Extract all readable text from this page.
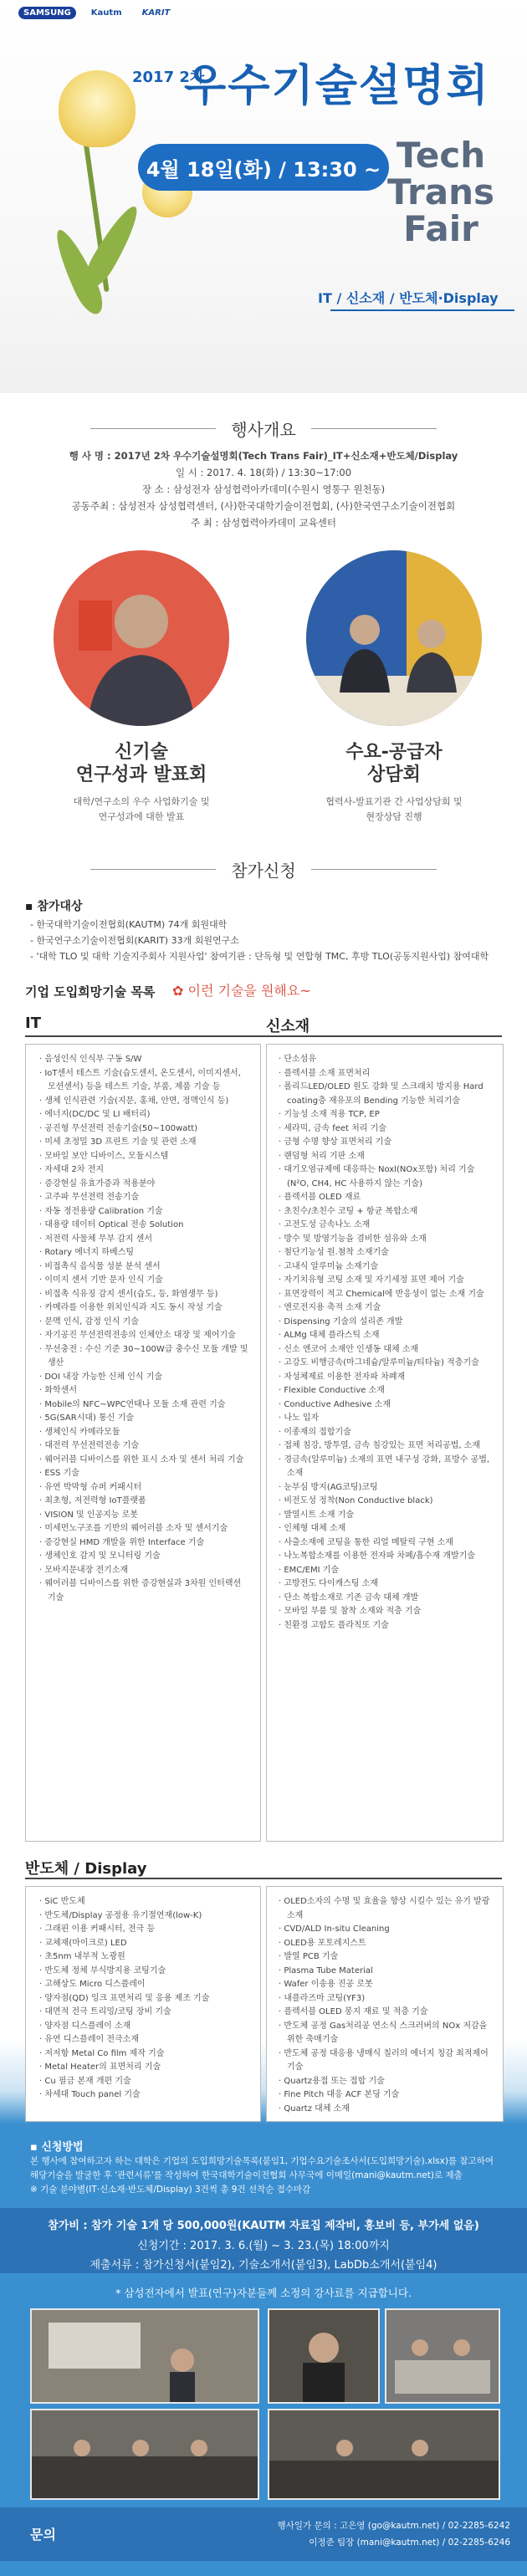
SAMSUNG	Kautm	KARIT
2017 2차
우수기술설명회
4월 18일(화) / 13:30 ~ Tech
Trans
Fair
IT / 신소재 / 반도체·Display
행사개요
행 사 명 : 2017년 2차 우수기술설명회(Tech Trans Fair)_IT+신소재+반도체/Display
일 시 : 2017. 4. 18(화) / 13:30~17:00
장 소 : 삼성전자 삼성협력아카데미(수원시 영통구 원천동)
공동주최 : 삼성전자 삼성협력센터, (사)한국대학기술이전협회, (사)한국연구소기술이전협회
주 최 : 삼성협력아카데미 교육센터
신기술
연구성과 발표회
대학/연구소의 우수 사업화기술 및
연구성과에 대한 발표
수요-공급자
상담회
협력사-발표기관 간 사업상담회 및
현장상담 진행
참가신청
▪ 참가대상
- 한국대학기술이전협회(KAUTM) 74개 회원대학
- 한국연구소기술이전협회(KARIT) 33개 회원연구소
- '대학 TLO 및 대학 기술지주회사 지원사업' 참여기관 : 단독형 및 연합형 TMC, 후방 TLO(공동지원사업) 참여대학
기업 도입희망기술 목록 ✿ 이런 기술을 원해요~
IT	신소재
· 음성인식 인식부 구동 S/W
· IoT센서 테스트 기술(습도센서, 온도센서, 이미지센서, 모션센서) 등을 테스트 기술, 부품, 제품 기술 등
· 생체 인식관련 기술(지문, 홍채, 안면, 정맥인식 등)
· 에너지(DC/DC 및 LI 배터리)
· 공진형 무선전력 전송기술(50~100watt)
· 미세 초정밀 3D 프린트 기술 및 관련 소재
· 모바일 보안 디바이스, 모듈시스템
· 자세대 2차 전지
· 증강현실 유효가증과 적용분야
· 고주파 무선전력 전송기술
· 자동 정전용량 Calibration 기술
· 대용량 데이터 Optical 전송 Solution
· 저전력 사물체 무부 감지 센서
· Rotary 에너지 하베스팅
· 비접촉식 음식물 성분 분석 센서
· 이미지 센서 기반 문자 인식 기술
· 비접촉 식유징 감지 센서(습도, 등, 화염생무 등)
· 카메라를 이용한 위치인식과 지도 동시 작성 기술
· 문맥 인식, 감정 인식 기술
· 자기공진 무선전력전송의 인체안소 대장 및 제어기술
· 무선충전 : 수신 기준 30~100W급 충수신 모듈 개발 및 생산
· DOI 내장 가능한 신체 인식 기술
· 화학센서
· Mobile의 NFC~WPC연태나 모듈 소재 관련 기술
· 5G(SAR시대) 통신 기술
· 생체인식 카메라모듈
· 대전력 무선전력전송 기술
· 웨어러블 디바이스를 위한 표시 소자 및 센서 처리 기술
· ESS 기술
· 유연 박막형 슈퍼 커패시터
· 최초형, 저전력형 IoT플랫폼
· VISION 및 인공지능 로봇
· 미세먼노구조를 기반의 웨어러블 소자 및 센서기술
· 증강현실 HMD 개발을 위한 Interface 기술
· 생체인호 감지 및 모니터링 기술
· 모바지문내장 전기소재
· 웨어러블 디바이스를 위한 증강현실과 3차원 인터랙션 기술
· 단소섬유
· 플렉서블 소재 표면처리
· 폴리드LED/OLED 원도 강화 및 스크래치 방지용 Hard coating층 재유포의 Bending 기능한 처리기술
· 기능성 소재 적용 TCP, EP
· 세라믹, 금속 feet 처리 기술
· 금형 수명 향상 표면처리 기술
· 랜덤형 처리 기판 소재
· 대기오염규제에 대응하는 Noxl(NOx포함) 처리 기술(N²O, CH4, HC 사용하지 않는 기술)
· 플렉서블 OLED 재료
· 초친수/초친수 코팅 + 항균 복합소재
· 고전도성 금속나노 소재
· 방수 및 방영기능을 겸비한 섬유와 소재
· 첨단기능성 원.첨착 소재기술
· 고내식 알루미늄 소재기술
· 자기치유형 코팅 소재 및 자기세정 표면 제어 기술
· 표면장력이 적고 Chemical에 반응성이 없는 소재 기술
· 엔로전지용 축적 소재 기술
· Dispensing 기술의 설리존 개발
· ALMg 대체 플라스틱 소재
· 신소 엔코어 소재안 인생동 대체 소재
· 고강도 비행금속(마그네슘/알루미늄/티타늄) 적층기술
· 자성체제료 이용한 전자파 차폐재
· Flexible Conductive 소재
· Conductive Adhesive 소재
· 나노 입자
· 이종재의 접합기술
· 접체 침강, 방투열, 금속 침강있는 표면 처리공법, 소재
· 경금속(알루미늄) 소재의 표면 내구성 강화, 표방수 공법, 소재
· 눈부심 방지(AG코팅)코팅
· 비전도성 정착(Non Conductive black)
· 발열시트 소재 기술
· 인체형 대체 소재
· 사출소재에 코팅을 통한 리얼 메탈릭 구현 소재
· 나노복합소재를 이용한 전자파 차폐/흡수재 개발기술
· EMC/EMI 기술
· 고방전도 다이캐스팅 소재
· 단소 복합소재로 기존 금속 대체 개발
· 모바일 부품 및 참착 소재와 적층 기술
· 친환경 고합도 플라칙또 기술
반도체 / Display
· SiC 반도체
· 반도체/Display 공정용 유기절연재(low-K)
· 그래핀 이용 커패시터, 전극 등
· 교체재(마이크로) LED
· 초5nm 내부적 노광원
· 반도체 정체 부식방지용 코팅기술
· 고해상도 Micro 디스플레이
· 양자점(QD) 잉크 표면처리 및 응용 제조 기술
· 대면적 전극 트리밍/코팅 장비 기술
· 양자점 디스플레이 소재
· 유연 디스플레이 전극소재
· 저저항 Metal Co film 제작 기술
· Metal Heater의 표면처리 기술
· Cu 필금 본재 개편 기술
· 차세대 Touch panel 기술
· OLED소자의 수명 및 효율을 향상 시킬수 있는 유기 발광소재
· CVD/ALD In-situ Cleaning
· OLED용 포토레지스트
· 발열 PCB 기술
· Plasma Tube Material
· Wafer 이송용 진공 로봇
· 내플라즈마 코팅(YF3)
· 플렉서블 OLED 봉지 재료 및 적층 기술
· 반도체 공정 Gas처리공 연소식 스크러버의 NOx 저감을 위한 축매기술
· 반도체 공정 대응용 냉매식 칠러의 에너지 칭감 최적제어 기술
· Quartz용접 또는 접합 기술
· Fine Pitch 대응 ACF 본딩 기술
· Quartz 대체 소재
▪ 신청방법
본 행사에 참여하고자 하는 대학은 기업의 도입희망기술목록(붙임1, 기업수요기술조사서(도입희망기술).xlsx)를 참고하여 해당기술을 발굴한 후 '관련서류'를 작성하여 한국대학기술이전협회 사무국에 이메일(mani@kautm.net)로 제출
※ 기술 분야별(IT·신소재·반도체/Display) 3건씩 총 9건 선착순 접수마감
참가비 : 참가 기술 1개 당 500,000원(KAUTM 자료집 제작비, 홍보비 등, 부가세 없음)
신청기간 : 2017. 3. 6.(월) ~ 3. 23.(목) 18:00까지
제출서류 : 참가신청서(붙임2), 기술소개서(붙임3), LabDb소개서(붙임4)
* 삼성전자에서 발표(연구)자분들께 소정의 강사료를 지급합니다.
문의
행사일가 문의 : 고은영 (go@kautm.net) / 02-2285-6242
이정준 팀장 (mani@kautm.net) / 02-2285-6246
